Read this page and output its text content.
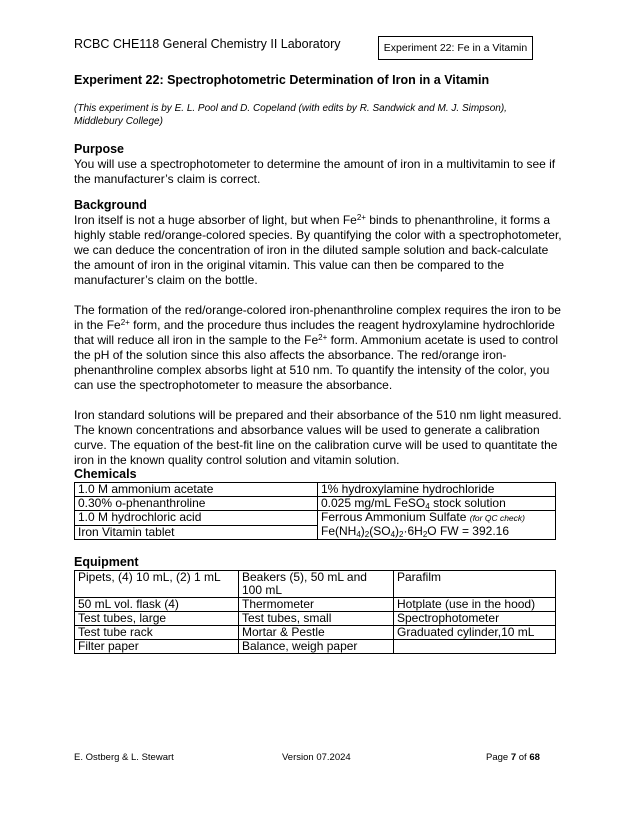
RCBC CHE118 General Chemistry II Laboratory	Experiment 22: Fe in a Vitamin
Experiment 22: Spectrophotometric Determination of Iron in a Vitamin
(This experiment is by E. L. Pool and D. Copeland (with edits by R. Sandwick and M. J. Simpson), Middlebury College)
Purpose

You will use a spectrophotometer to determine the amount of iron in a multivitamin to see if the manufacturer’s claim is correct.

Background

Iron itself is not a huge absorber of light, but when $Fe^{2+}$ binds to phenanthroline, it forms a highly stable red/orange-colored species. By quantifying the color with a spectrophotometer, we can deduce the concentration of iron in the diluted sample solution and back-calculate the amount of iron in the original vitamin. This value can then be compared to the manufacturer’s claim on the bottle.

The formation of the red/orange-colored iron-phenanthroline complex requires the iron to be in the $Fe^{2+}$ form, and the procedure thus includes the reagent hydroxylamine hydrochloride that will reduce all iron in the sample to the $Fe^{2+}$ form. Ammonium acetate is used to control the pH of the solution since this also affects the absorbance. The red/orange iron-phenanthroline complex absorbs light at 510 nm. To quantify the intensity of the color, you can use the spectrophotometer to measure the absorbance.

Iron standard solutions will be prepared and their absorbance of the 510 nm light measured. The known concentrations and absorbance values will be used to generate a calibration curve. The equation of the best-fit line on the calibration curve will be used to quantitate the iron in the known quality control solution and vitamin solution.

Chemicals
1.0 M ammonium acetate	1% hydroxylamine hydrochloride
0.30% o-phenanthroline	0.025 mg/mL FeSO$_4$ stock solution
1.0 M hydrochloric acid	Ferrous Ammonium Sulfate (for QC check)
Iron Vitamin tablet	$Fe(NH_4)_2(SO_4)_2\cdot 6H_2O$ FW = 392.16
Equipment
Pipets, (4) 10 mL, (2) 1 mL	Beakers (5), 50 mL and 100 mL	Parafilm
50 mL vol. flask (4)	Thermometer	Hotplate (use in the hood)
Test tubes, large	Test tubes, small	Spectrophotometer
Test tube rack	Mortar & Pestle	Graduated cylinder,10 mL
Filter paper	Balance, weigh paper	
E. Ostberg & L. Stewart	Version 07.2024	Page 7 of 68
